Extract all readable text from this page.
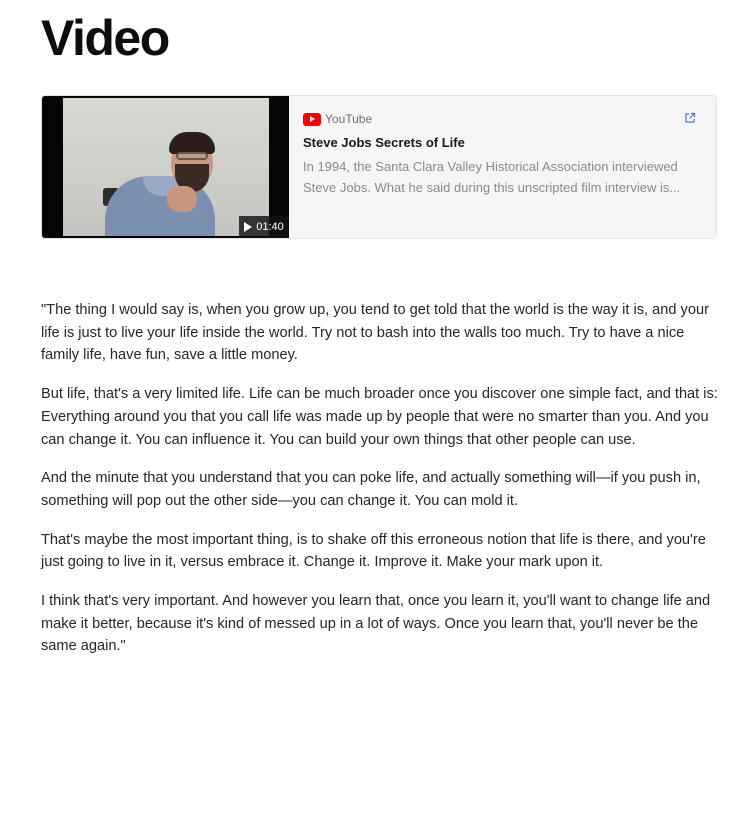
Video
01:40
YouTube
Steve Jobs Secrets of Life
In 1994, the Santa Clara Valley Historical Association interviewed Steve Jobs. What he said during this unscripted film interview is...

"The thing I would say is, when you grow up, you tend to get told that the world is the way it is, and your life is just to live your life inside the world. Try not to bash into the walls too much. Try to have a nice family life, have fun, save a little money.

But life, that's a very limited life. Life can be much broader once you discover one simple fact, and that is: Everything around you that you call life was made up by people that were no smarter than you. And you can change it. You can influence it. You can build your own things that other people can use.

And the minute that you understand that you can poke life, and actually something will—if you push in, something will pop out the other side—you can change it. You can mold it.

That's maybe the most important thing, is to shake off this erroneous notion that life is there, and you're just going to live in it, versus embrace it. Change it. Improve it. Make your mark upon it.

I think that's very important. And however you learn that, once you learn it, you'll want to change life and make it better, because it's kind of messed up in a lot of ways. Once you learn that, you'll never be the same again."
